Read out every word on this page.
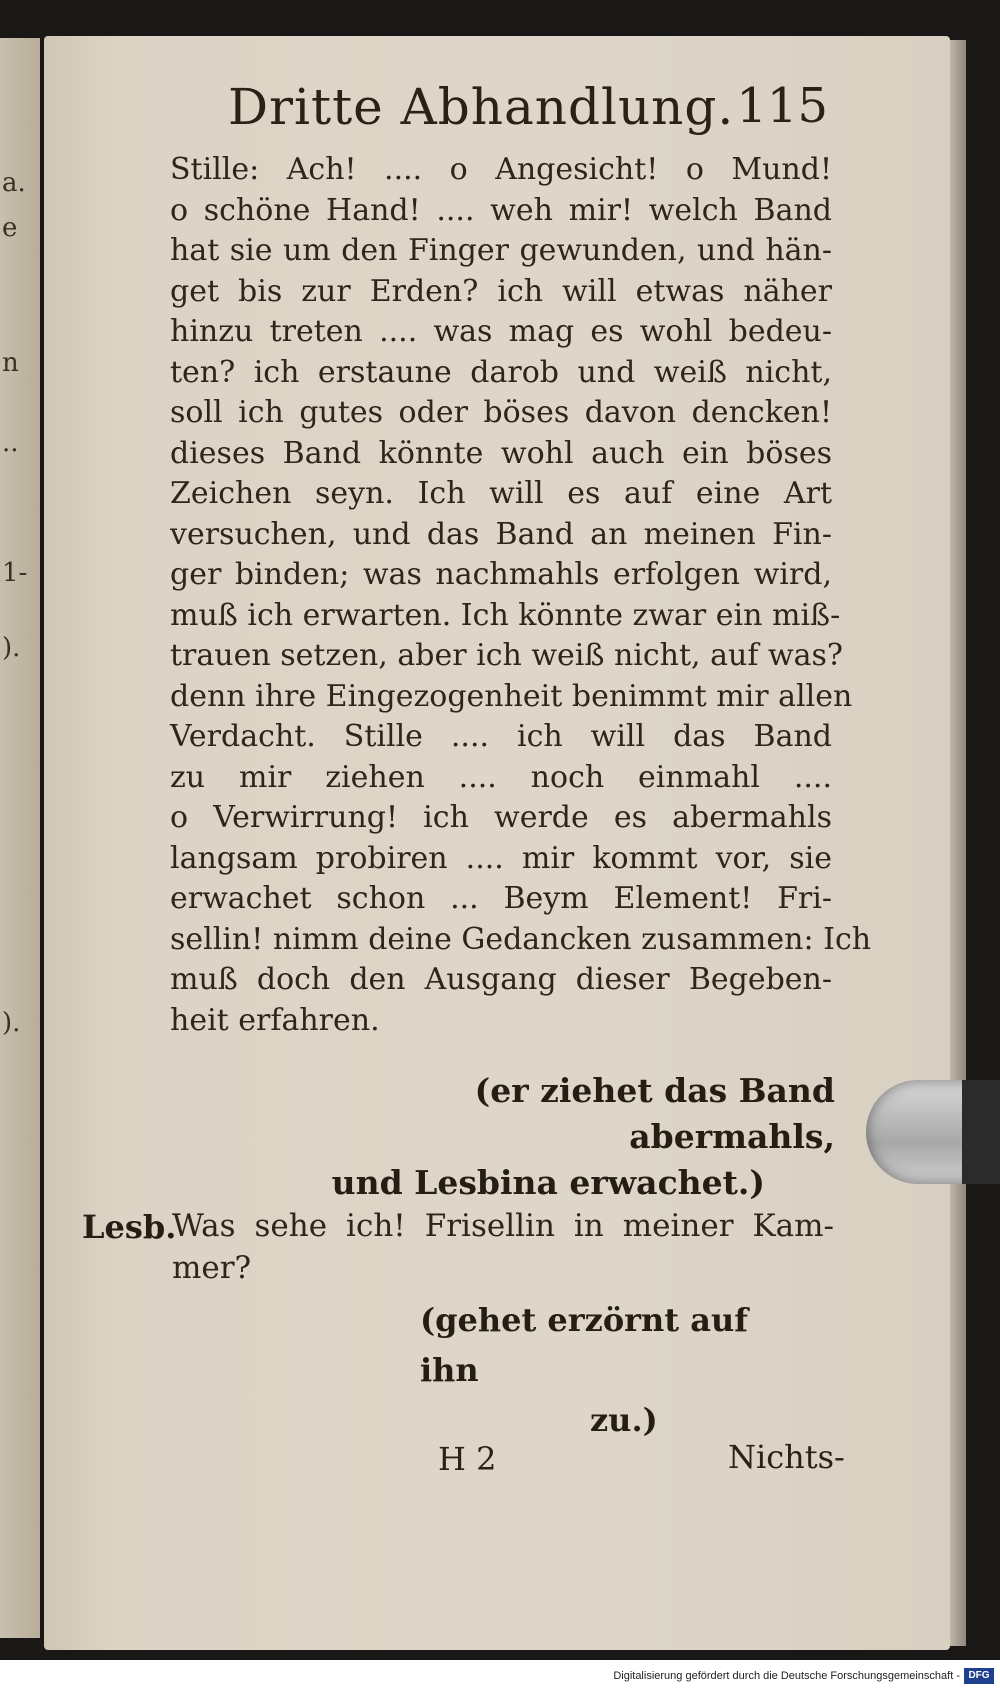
a.
e
n
..
1-
).
).
Dritte Abhandlung. 115
Stille: Ach! .... o Angesicht! o Mund!
o schöne Hand! .... weh mir! welch Band
hat sie um den Finger gewunden, und hän-
get bis zur Erden? ich will etwas näher
hinzu treten .... was mag es wohl bedeu-
ten? ich erstaune darob und weiß nicht,
soll ich gutes oder böses davon dencken!
dieses Band könnte wohl auch ein böses
Zeichen seyn. Ich will es auf eine Art
versuchen, und das Band an meinen Fin-
ger binden; was nachmahls erfolgen wird,
muß ich erwarten. Ich könnte zwar ein miß-
trauen setzen, aber ich weiß nicht, auf was?
denn ihre Eingezogenheit benimmt mir allen
Verdacht. Stille .... ich will das Band
zu mir ziehen .... noch einmahl ....
o Verwirrung! ich werde es abermahls
langsam probiren .... mir kommt vor, sie
erwachet schon ... Beym Element! Fri-
sellin! nimm deine Gedancken zusammen: Ich
muß doch den Ausgang dieser Begeben-
heit erfahren.
(er ziehet das Band abermahls,
und Lesbina erwachet.)
Lesb.
Was sehe ich! Frisellin in meiner Kam-
mer?
(gehet erzörnt auf ihn
zu.)
H 2	Nichts-
Digitalisierung gefördert durch die Deutsche Forschungsgemeinschaft - DFG
